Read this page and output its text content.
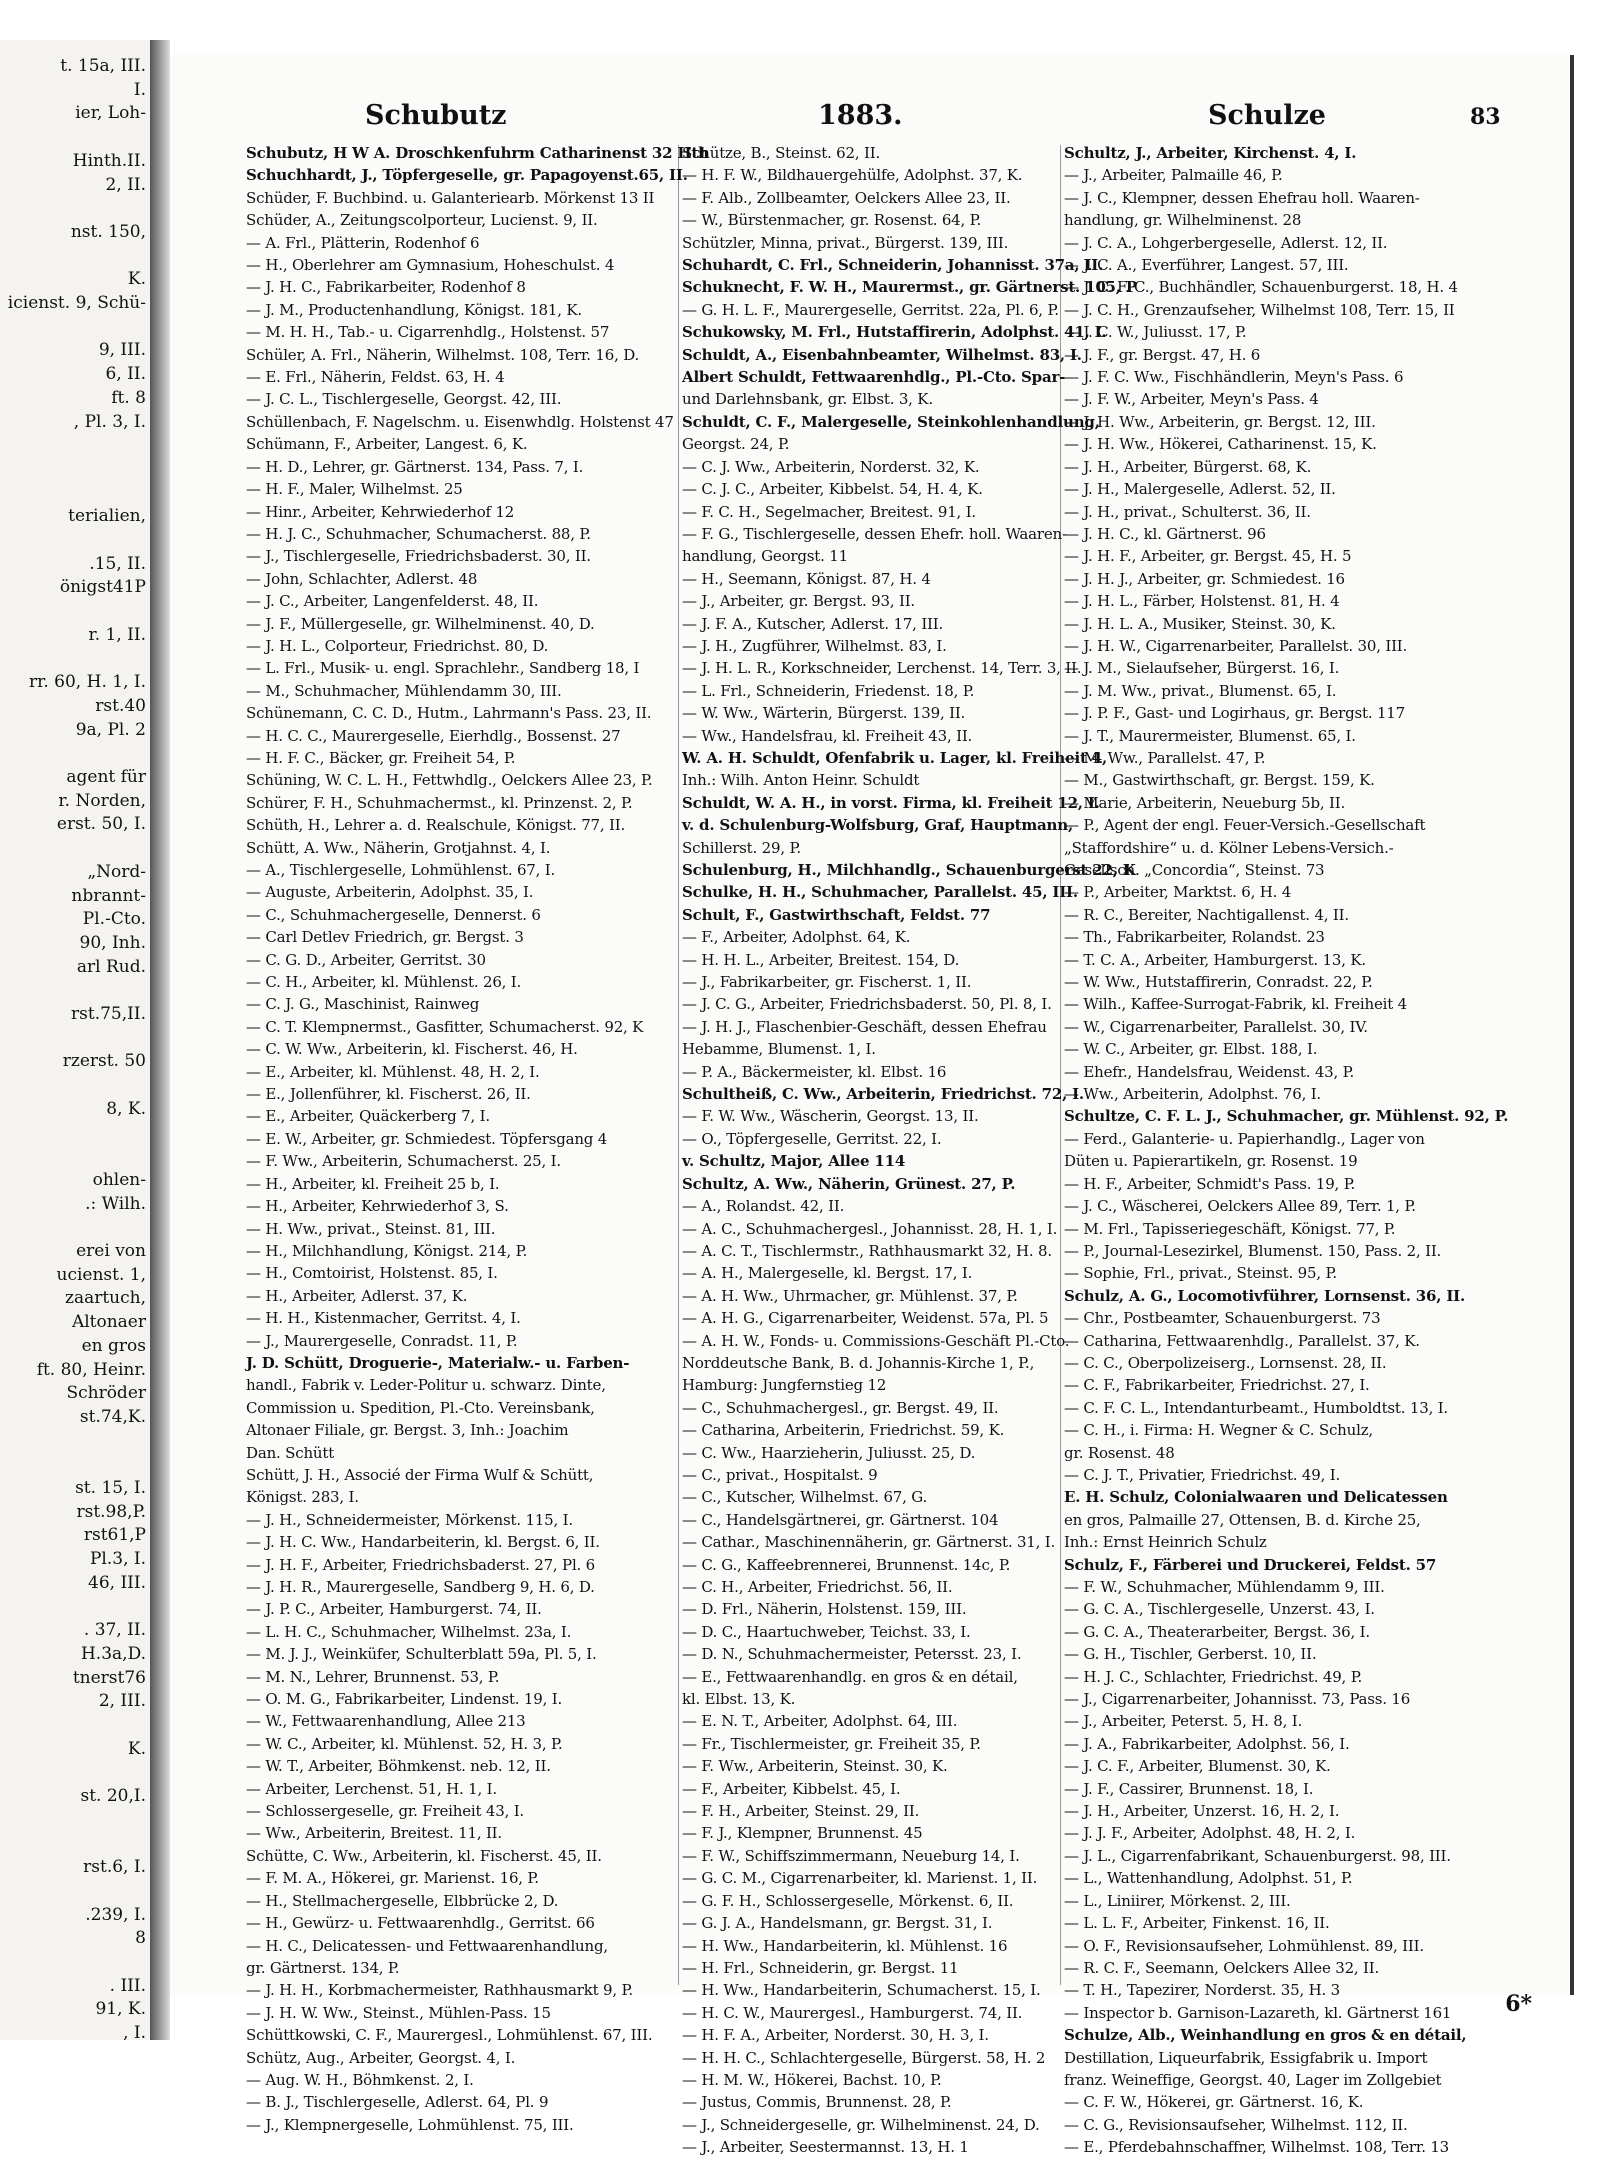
t. 15a, III.
I.
ier, Loh-
Hinth.II.
2, II.
nst. 150,
K.
icienst. 9, Schü-
9, III.
6, II.
ft. 8
, Pl. 3, I.
terialien,
.15, II.
önigst41P
r. 1, II.
rr. 60, H. 1, I.
rst.40
9a, Pl. 2
agent für
r. Norden,
erst. 50, I.
„Nord-
nbrannt-
Pl.-Cto.
90, Inh.
arl Rud.
rst.75,II.
rzerst. 50
8, K.
ohlen-
.: Wilh.
erei von
ucienst. 1,
zaartuch,
Altonaer
en gros
ft. 80, Heinr.
Schröder
st.74,K.
st. 15, I.
rst.98,P.
rst61,P
Pl.3, I.
46, III.
. 37, II.
H.3a,D.
tnerst76
2, III.
K.
st. 20,I.
rst.6, I.
.239, I.
8
. III.
91, K.
, I.
Schubutz	1883.	Schulze	83
Schubutz, H W A. Droschkenfuhrm Catharinenst 32 Hth
Schuchhardt, J., Töpfergeselle, gr. Papagoyenst.65, II.
Schüder, F. Buchbind. u. Galanteriearb. Mörkenst 13 II
Schüder, A., Zeitungscolporteur, Lucienst. 9, II.
— A. Frl., Plätterin, Rodenhof 6
— H., Oberlehrer am Gymnasium, Hoheschulst. 4
— J. H. C., Fabrikarbeiter, Rodenhof 8
— J. M., Productenhandlung, Königst. 181, K.
— M. H. H., Tab.- u. Cigarrenhdlg., Holstenst. 57
Schüler, A. Frl., Näherin, Wilhelmst. 108, Terr. 16, D.
— E. Frl., Näherin, Feldst. 63, H. 4
— J. C. L., Tischlergeselle, Georgst. 42, III.
Schüllenbach, F. Nagelschm. u. Eisenwhdlg. Holstenst 47
Schümann, F., Arbeiter, Langest. 6, K.
— H. D., Lehrer, gr. Gärtnerst. 134, Pass. 7, I.
— H. F., Maler, Wilhelmst. 25
— Hinr., Arbeiter, Kehrwiederhof 12
— H. J. C., Schuhmacher, Schumacherst. 88, P.
— J., Tischlergeselle, Friedrichsbaderst. 30, II.
— John, Schlachter, Adlerst. 48
— J. C., Arbeiter, Langenfelderst. 48, II.
— J. F., Müllergeselle, gr. Wilhelminenst. 40, D.
— J. H. L., Colporteur, Friedrichst. 80, D.
— L. Frl., Musik- u. engl. Sprachlehr., Sandberg 18, I
— M., Schuhmacher, Mühlendamm 30, III.
Schünemann, C. C. D., Hutm., Lahrmann's Pass. 23, II.
— H. C. C., Maurergeselle, Eierhdlg., Bossenst. 27
— H. F. C., Bäcker, gr. Freiheit 54, P.
Schüning, W. C. L. H., Fettwhdlg., Oelckers Allee 23, P.
Schürer, F. H., Schuhmachermst., kl. Prinzenst. 2, P.
Schüth, H., Lehrer a. d. Realschule, Königst. 77, II.
Schütt, A. Ww., Näherin, Grotjahnst. 4, I.
— A., Tischlergeselle, Lohmühlenst. 67, I.
— Auguste, Arbeiterin, Adolphst. 35, I.
— C., Schuhmachergeselle, Dennerst. 6
— Carl Detlev Friedrich, gr. Bergst. 3
— C. G. D., Arbeiter, Gerritst. 30
— C. H., Arbeiter, kl. Mühlenst. 26, I.
— C. J. G., Maschinist, Rainweg
— C. T. Klempnermst., Gasfitter, Schumacherst. 92, K
— C. W. Ww., Arbeiterin, kl. Fischerst. 46, H.
— E., Arbeiter, kl. Mühlenst. 48, H. 2, I.
— E., Jollenführer, kl. Fischerst. 26, II.
— E., Arbeiter, Quäckerberg 7, I.
— E. W., Arbeiter, gr. Schmiedest. Töpfersgang 4
— F. Ww., Arbeiterin, Schumacherst. 25, I.
— H., Arbeiter, kl. Freiheit 25 b, I.
— H., Arbeiter, Kehrwiederhof 3, S.
— H. Ww., privat., Steinst. 81, III.
— H., Milchhandlung, Königst. 214, P.
— H., Comtoirist, Holstenst. 85, I.
— H., Arbeiter, Adlerst. 37, K.
— H. H., Kistenmacher, Gerritst. 4, I.
— J., Maurergeselle, Conradst. 11, P.
J. D. Schütt, Droguerie-, Materialw.- u. Farben-
handl., Fabrik v. Leder-Politur u. schwarz. Dinte,
Commission u. Spedition, Pl.-Cto. Vereinsbank,
Altonaer Filiale, gr. Bergst. 3, Inh.: Joachim
Dan. Schütt
Schütt, J. H., Associé der Firma Wulf & Schütt,
Königst. 283, I.
— J. H., Schneidermeister, Mörkenst. 115, I.
— J. H. C. Ww., Handarbeiterin, kl. Bergst. 6, II.
— J. H. F., Arbeiter, Friedrichsbaderst. 27, Pl. 6
— J. H. R., Maurergeselle, Sandberg 9, H. 6, D.
— J. P. C., Arbeiter, Hamburgerst. 74, II.
— L. H. C., Schuhmacher, Wilhelmst. 23a, I.
— M. J. J., Weinküfer, Schulterblatt 59a, Pl. 5, I.
— M. N., Lehrer, Brunnenst. 53, P.
— O. M. G., Fabrikarbeiter, Lindenst. 19, I.
— W., Fettwaarenhandlung, Allee 213
— W. C., Arbeiter, kl. Mühlenst. 52, H. 3, P.
— W. T., Arbeiter, Böhmkenst. neb. 12, II.
— Arbeiter, Lerchenst. 51, H. 1, I.
— Schlossergeselle, gr. Freiheit 43, I.
— Ww., Arbeiterin, Breitest. 11, II.
Schütte, C. Ww., Arbeiterin, kl. Fischerst. 45, II.
— F. M. A., Hökerei, gr. Marienst. 16, P.
— H., Stellmachergeselle, Elbbrücke 2, D.
— H., Gewürz- u. Fettwaarenhdlg., Gerritst. 66
— H. C., Delicatessen- und Fettwaarenhandlung,
gr. Gärtnerst. 134, P.
— J. H. H., Korbmachermeister, Rathhausmarkt 9, P.
— J. H. W. Ww., Steinst., Mühlen-Pass. 15
Schüttkowski, C. F., Maurergesl., Lohmühlenst. 67, III.
Schütz, Aug., Arbeiter, Georgst. 4, I.
— Aug. W. H., Böhmkenst. 2, I.
— B. J., Tischlergeselle, Adlerst. 64, Pl. 9
— J., Klempnergeselle, Lohmühlenst. 75, III.
Schütze, B., Steinst. 62, II.
— H. F. W., Bildhauergehülfe, Adolphst. 37, K.
— F. Alb., Zollbeamter, Oelckers Allee 23, II.
— W., Bürstenmacher, gr. Rosenst. 64, P.
Schützler, Minna, privat., Bürgerst. 139, III.
Schuhardt, C. Frl., Schneiderin, Johannisst. 37a, II.
Schuknecht, F. W. H., Maurermst., gr. Gärtnerst. 105, P
— G. H. L. F., Maurergeselle, Gerritst. 22a, Pl. 6, P.
Schukowsky, M. Frl., Hutstaffirerin, Adolphst. 41, I.
Schuldt, A., Eisenbahnbeamter, Wilhelmst. 83, I.
Albert Schuldt, Fettwaarenhdlg., Pl.-Cto. Spar-
und Darlehnsbank, gr. Elbst. 3, K.
Schuldt, C. F., Malergeselle, Steinkohlenhandlung,
Georgst. 24, P.
— C. J. Ww., Arbeiterin, Norderst. 32, K.
— C. J. C., Arbeiter, Kibbelst. 54, H. 4, K.
— F. C. H., Segelmacher, Breitest. 91, I.
— F. G., Tischlergeselle, dessen Ehefr. holl. Waaren-
handlung, Georgst. 11
— H., Seemann, Königst. 87, H. 4
— J., Arbeiter, gr. Bergst. 93, II.
— J. F. A., Kutscher, Adlerst. 17, III.
— J. H., Zugführer, Wilhelmst. 83, I.
— J. H. L. R., Korkschneider, Lerchenst. 14, Terr. 3, II.
— L. Frl., Schneiderin, Friedenst. 18, P.
— W. Ww., Wärterin, Bürgerst. 139, II.
— Ww., Handelsfrau, kl. Freiheit 43, II.
W. A. H. Schuldt, Ofenfabrik u. Lager, kl. Freiheit 4,
Inh.: Wilh. Anton Heinr. Schuldt
Schuldt, W. A. H., in vorst. Firma, kl. Freiheit 12, I.
v. d. Schulenburg-Wolfsburg, Graf, Hauptmann,
Schillerst. 29, P.
Schulenburg, H., Milchhandlg., Schauenburgerst 22, K
Schulke, H. H., Schuhmacher, Parallelst. 45, III.
Schult, F., Gastwirthschaft, Feldst. 77
— F., Arbeiter, Adolphst. 64, K.
— H. H. L., Arbeiter, Breitest. 154, D.
— J., Fabrikarbeiter, gr. Fischerst. 1, II.
— J. C. G., Arbeiter, Friedrichsbaderst. 50, Pl. 8, I.
— J. H. J., Flaschenbier-Geschäft, dessen Ehefrau
Hebamme, Blumenst. 1, I.
— P. A., Bäckermeister, kl. Elbst. 16
Schultheiß, C. Ww., Arbeiterin, Friedrichst. 72, I.
— F. W. Ww., Wäscherin, Georgst. 13, II.
— O., Töpfergeselle, Gerritst. 22, I.
v. Schultz, Major, Allee 114
Schultz, A. Ww., Näherin, Grünest. 27, P.
— A., Rolandst. 42, II.
— A. C., Schuhmachergesl., Johannisst. 28, H. 1, I.
— A. C. T., Tischlermstr., Rathhausmarkt 32, H. 8.
— A. H., Malergeselle, kl. Bergst. 17, I.
— A. H. Ww., Uhrmacher, gr. Mühlenst. 37, P.
— A. H. G., Cigarrenarbeiter, Weidenst. 57a, Pl. 5
— A. H. W., Fonds- u. Commissions-Geschäft Pl.-Cto.
Norddeutsche Bank, B. d. Johannis-Kirche 1, P.,
Hamburg: Jungfernstieg 12
— C., Schuhmachergesl., gr. Bergst. 49, II.
— Catharina, Arbeiterin, Friedrichst. 59, K.
— C. Ww., Haarzieherin, Juliusst. 25, D.
— C., privat., Hospitalst. 9
— C., Kutscher, Wilhelmst. 67, G.
— C., Handelsgärtnerei, gr. Gärtnerst. 104
— Cathar., Maschinennäherin, gr. Gärtnerst. 31, I.
— C. G., Kaffeebrennerei, Brunnenst. 14c, P.
— C. H., Arbeiter, Friedrichst. 56, II.
— D. Frl., Näherin, Holstenst. 159, III.
— D. C., Haartuchweber, Teichst. 33, I.
— D. N., Schuhmachermeister, Petersst. 23, I.
— E., Fettwaarenhandlg. en gros & en détail,
kl. Elbst. 13, K.
— E. N. T., Arbeiter, Adolphst. 64, III.
— Fr., Tischlermeister, gr. Freiheit 35, P.
— F. Ww., Arbeiterin, Steinst. 30, K.
— F., Arbeiter, Kibbelst. 45, I.
— F. H., Arbeiter, Steinst. 29, II.
— F. J., Klempner, Brunnenst. 45
— F. W., Schiffszimmermann, Neueburg 14, I.
— G. C. M., Cigarrenarbeiter, kl. Marienst. 1, II.
— G. F. H., Schlossergeselle, Mörkenst. 6, II.
— G. J. A., Handelsmann, gr. Bergst. 31, I.
— H. Ww., Handarbeiterin, kl. Mühlenst. 16
— H. Frl., Schneiderin, gr. Bergst. 11
— H. Ww., Handarbeiterin, Schumacherst. 15, I.
— H. C. W., Maurergesl., Hamburgerst. 74, II.
— H. F. A., Arbeiter, Norderst. 30, H. 3, I.
— H. H. C., Schlachtergeselle, Bürgerst. 58, H. 2
— H. M. W., Hökerei, Bachst. 10, P.
— Justus, Commis, Brunnenst. 28, P.
— J., Schneidergeselle, gr. Wilhelminenst. 24, D.
— J., Arbeiter, Seestermannst. 13, H. 1
Schultz, J., Arbeiter, Kirchenst. 4, I.
— J., Arbeiter, Palmaille 46, P.
— J. C., Klempner, dessen Ehefrau holl. Waaren-
handlung, gr. Wilhelminenst. 28
— J. C. A., Lohgerbergeselle, Adlerst. 12, II.
— J. C. A., Everführer, Langest. 57, III.
— J. C. F. C., Buchhändler, Schauenburgerst. 18, H. 4
— J. C. H., Grenzaufseher, Wilhelmst 108, Terr. 15, II
— J. C. W., Juliusst. 17, P.
— J. F., gr. Bergst. 47, H. 6
— J. F. C. Ww., Fischhändlerin, Meyn's Pass. 6
— J. F. W., Arbeiter, Meyn's Pass. 4
— J. H. Ww., Arbeiterin, gr. Bergst. 12, III.
— J. H. Ww., Hökerei, Catharinenst. 15, K.
— J. H., Arbeiter, Bürgerst. 68, K.
— J. H., Malergeselle, Adlerst. 52, II.
— J. H., privat., Schulterst. 36, II.
— J. H. C., kl. Gärtnerst. 96
— J. H. F., Arbeiter, gr. Bergst. 45, H. 5
— J. H. J., Arbeiter, gr. Schmiedest. 16
— J. H. L., Färber, Holstenst. 81, H. 4
— J. H. L. A., Musiker, Steinst. 30, K.
— J. H. W., Cigarrenarbeiter, Parallelst. 30, III.
— J. M., Sielaufseher, Bürgerst. 16, I.
— J. M. Ww., privat., Blumenst. 65, I.
— J. P. F., Gast- und Logirhaus, gr. Bergst. 117
— J. T., Maurermeister, Blumenst. 65, I.
— M. Ww., Parallelst. 47, P.
— M., Gastwirthschaft, gr. Bergst. 159, K.
— Marie, Arbeiterin, Neueburg 5b, II.
— P., Agent der engl. Feuer-Versich.-Gesellschaft
„Staffordshire“ u. d. Kölner Lebens-Versich.-
Gesellsch. „Concordia“, Steinst. 73
— P., Arbeiter, Marktst. 6, H. 4
— R. C., Bereiter, Nachtigallenst. 4, II.
— Th., Fabrikarbeiter, Rolandst. 23
— T. C. A., Arbeiter, Hamburgerst. 13, K.
— W. Ww., Hutstaffirerin, Conradst. 22, P.
— Wilh., Kaffee-Surrogat-Fabrik, kl. Freiheit 4
— W., Cigarrenarbeiter, Parallelst. 30, IV.
— W. C., Arbeiter, gr. Elbst. 188, I.
— Ehefr., Handelsfrau, Weidenst. 43, P.
— Ww., Arbeiterin, Adolphst. 76, I.
Schultze, C. F. L. J., Schuhmacher, gr. Mühlenst. 92, P.
— Ferd., Galanterie- u. Papierhandlg., Lager von
Düten u. Papierartikeln, gr. Rosenst. 19
— H. F., Arbeiter, Schmidt's Pass. 19, P.
— J. C., Wäscherei, Oelckers Allee 89, Terr. 1, P.
— M. Frl., Tapisseriegeschäft, Königst. 77, P.
— P., Journal-Lesezirkel, Blumenst. 150, Pass. 2, II.
— Sophie, Frl., privat., Steinst. 95, P.
Schulz, A. G., Locomotivführer, Lornsenst. 36, II.
— Chr., Postbeamter, Schauenburgerst. 73
— Catharina, Fettwaarenhdlg., Parallelst. 37, K.
— C. C., Oberpolizeiserg., Lornsenst. 28, II.
— C. F., Fabrikarbeiter, Friedrichst. 27, I.
— C. F. C. L., Intendanturbeamt., Humboldtst. 13, I.
— C. H., i. Firma: H. Wegner & C. Schulz,
gr. Rosenst. 48
— C. J. T., Privatier, Friedrichst. 49, I.
E. H. Schulz, Colonialwaaren und Delicatessen
en gros, Palmaille 27, Ottensen, B. d. Kirche 25,
Inh.: Ernst Heinrich Schulz
Schulz, F., Färberei und Druckerei, Feldst. 57
— F. W., Schuhmacher, Mühlendamm 9, III.
— G. C. A., Tischlergeselle, Unzerst. 43, I.
— G. C. A., Theaterarbeiter, Bergst. 36, I.
— G. H., Tischler, Gerberst. 10, II.
— H. J. C., Schlachter, Friedrichst. 49, P.
— J., Cigarrenarbeiter, Johannisst. 73, Pass. 16
— J., Arbeiter, Peterst. 5, H. 8, I.
— J. A., Fabrikarbeiter, Adolphst. 56, I.
— J. C. F., Arbeiter, Blumenst. 30, K.
— J. F., Cassirer, Brunnenst. 18, I.
— J. H., Arbeiter, Unzerst. 16, H. 2, I.
— J. J. F., Arbeiter, Adolphst. 48, H. 2, I.
— J. L., Cigarrenfabrikant, Schauenburgerst. 98, III.
— L., Wattenhandlung, Adolphst. 51, P.
— L., Liniirer, Mörkenst. 2, III.
— L. L. F., Arbeiter, Finkenst. 16, II.
— O. F., Revisionsaufseher, Lohmühlenst. 89, III.
— R. C. F., Seemann, Oelckers Allee 32, II.
— T. H., Tapezirer, Norderst. 35, H. 3
— Inspector b. Garnison-Lazareth, kl. Gärtnerst 161
Schulze, Alb., Weinhandlung en gros & en détail,
Destillation, Liqueurfabrik, Essigfabrik u. Import
franz. Weineffige, Georgst. 40, Lager im Zollgebiet
— C. F. W., Hökerei, gr. Gärtnerst. 16, K.
— C. G., Revisionsaufseher, Wilhelmst. 112, II.
— E., Pferdebahnschaffner, Wilhelmst. 108, Terr. 13
6*
